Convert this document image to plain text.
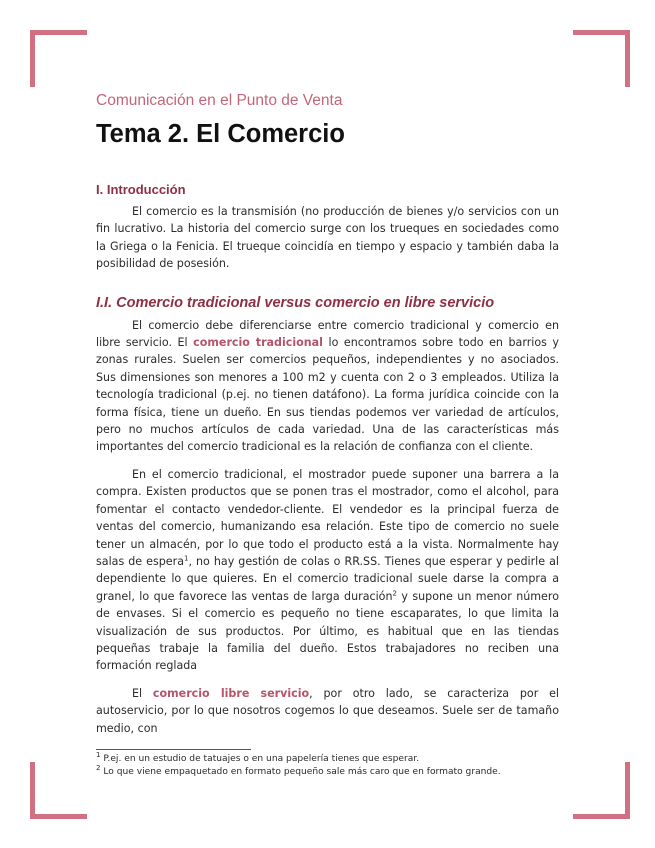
Comunicación en el Punto de Venta
Tema 2. El Comercio
I. Introducción

El comercio es la transmisión (no producción de bienes y/o servicios con un fin lucrativo. La historia del comercio surge con los trueques en sociedades como la Griega o la Fenicia. El trueque coincidía en tiempo y espacio y también daba la posibilidad de posesión.

I.I. Comercio tradicional versus comercio en libre servicio

El comercio debe diferenciarse entre comercio tradicional y comercio en libre servicio. El comercio tradicional lo encontramos sobre todo en barrios y zonas rurales. Suelen ser comercios pequeños, independientes y no asociados. Sus dimensiones son menores a 100 m2 y cuenta con 2 o 3 empleados. Utiliza la tecnología tradicional (p.ej. no tienen datáfono). La forma jurídica coincide con la forma física, tiene un dueño. En sus tiendas podemos ver variedad de artículos, pero no muchos artículos de cada variedad. Una de las características más importantes del comercio tradicional es la relación de confianza con el cliente.

En el comercio tradicional, el mostrador puede suponer una barrera a la compra. Existen productos que se ponen tras el mostrador, como el alcohol, para fomentar el contacto vendedor-cliente. El vendedor es la principal fuerza de ventas del comercio, humanizando esa relación. Este tipo de comercio no suele tener un almacén, por lo que todo el producto está a la vista. Normalmente hay salas de espera$^1$, no hay gestión de colas o RR.SS. Tienes que esperar y pedirle al dependiente lo que quieres. En el comercio tradicional suele darse la compra a granel, lo que favorece las ventas de larga duración$^2$ y supone un menor número de envases. Si el comercio es pequeño no tiene escaparates, lo que limita la visualización de sus productos. Por último, es habitual que en las tiendas pequeñas trabaje la familia del dueño. Estos trabajadores no reciben una formación reglada

El comercio libre servicio, por otro lado, se caracteriza por el autoservicio, por lo que nosotros cogemos lo que deseamos. Suele ser de tamaño medio, con

$^1$ P.ej. en un estudio de tatuajes o en una papelería tienes que esperar.
$^2$ Lo que viene empaquetado en formato pequeño sale más caro que en formato grande.
